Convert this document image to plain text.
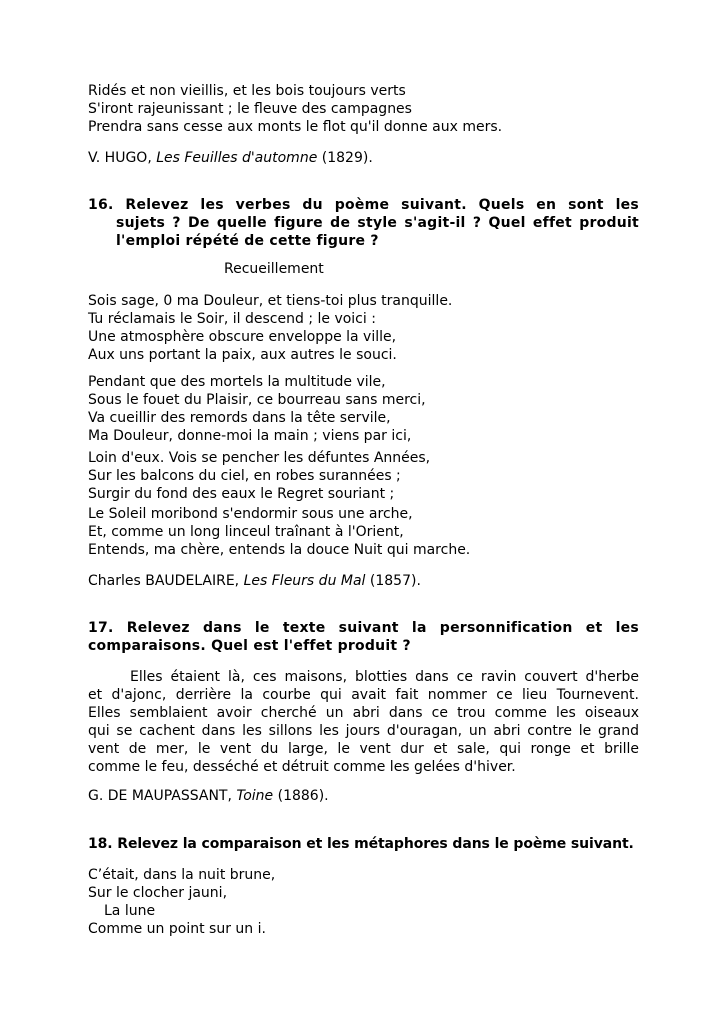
Ridés et non vieillis, et les bois toujours verts
S'iront rajeunissant ; le fleuve des campagnes
Prendra sans cesse aux monts le flot qu'il donne aux mers.
V. HUGO, Les Feuilles d'automne (1829).
16. Relevez les verbes du poème suivant. Quels en sont les
sujets ? De quelle figure de style s'agit-il ? Quel effet produit
l'emploi répété de cette figure ?
Recueillement
Sois sage, 0 ma Douleur, et tiens-toi plus tranquille.
Tu réclamais le Soir, il descend ; le voici :
Une atmosphère obscure enveloppe la ville,
Aux uns portant la paix, aux autres le souci.
Pendant que des mortels la multitude vile,
Sous le fouet du Plaisir, ce bourreau sans merci,
Va cueillir des remords dans la tête servile,
Ma Douleur, donne-moi la main ; viens par ici,
Loin d'eux. Vois se pencher les défuntes Années,
Sur les balcons du ciel, en robes surannées ;
Surgir du fond des eaux le Regret souriant ;
Le Soleil moribond s'endormir sous une arche,
Et, comme un long linceul traînant à l'Orient,
Entends, ma chère, entends la douce Nuit qui marche.
Charles BAUDELAIRE, Les Fleurs du Mal (1857).
17. Relevez dans le texte suivant la personnification et les
comparaisons. Quel est l'effet produit ?
Elles étaient là, ces maisons, blotties dans ce ravin couvert d'herbe
et d'ajonc, derrière la courbe qui avait fait nommer ce lieu Tournevent.
Elles semblaient avoir cherché un abri dans ce trou comme les oiseaux
qui se cachent dans les sillons les jours d'ouragan, un abri contre le grand
vent de mer, le vent du large, le vent dur et sale, qui ronge et brille
comme le feu, desséché et détruit comme les gelées d'hiver.
G. DE MAUPASSANT, Toine (1886).
18. Relevez la comparaison et les métaphores dans le poème suivant.
C’était, dans la nuit brune,
Sur le clocher jauni,
La lune
Comme un point sur un i.
